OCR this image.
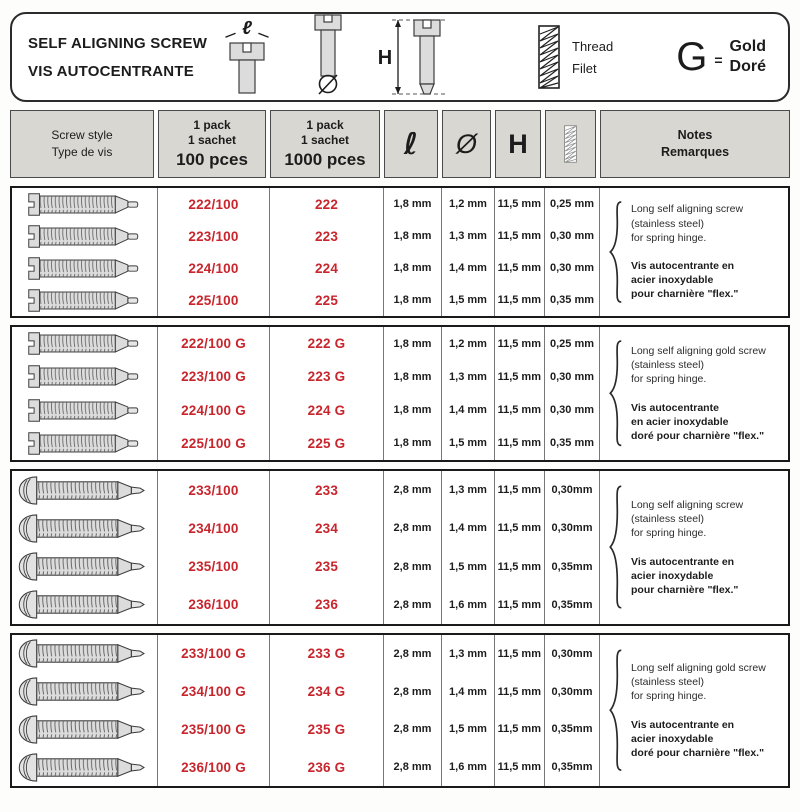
SELF ALIGNING SCREW
VIS AUTOCENTRANTE
ℓ
H
Thread
Filet	G =
Gold
Doré
Screw style
Type de vis
1 pack
1 sachet
100 pces
1 pack
1 sachet
1000 pces ℓ Ø H	Notes
Remarques
222/100
223/100
224/100
225/100
222
223
224
225
1,8 mm
1,8 mm
1,8 mm
1,8 mm
1,2 mm
1,3 mm
1,4 mm
1,5 mm
11,5 mm
11,5 mm
11,5 mm
11,5 mm
0,25 mm
0,30 mm
0,30 mm
0,35 mm
Long self aligning screw
(stainless steel)
for spring hinge.
Vis autocentrante en
acier inoxydable
pour charnière "flex."
222/100 G
223/100 G
224/100 G
225/100 G
222 G
223 G
224 G
225 G
1,8 mm
1,8 mm
1,8 mm
1,8 mm
1,2 mm
1,3 mm
1,4 mm
1,5 mm
11,5 mm
11,5 mm
11,5 mm
11,5 mm
0,25 mm
0,30 mm
0,30 mm
0,35 mm
Long self aligning gold screw
(stainless steel)
for spring hinge.
Vis autocentrante
en acier inoxydable
doré pour charnière "flex."
233/100
234/100
235/100
236/100
233
234
235
236
2,8 mm
2,8 mm
2,8 mm
2,8 mm
1,3 mm
1,4 mm
1,5 mm
1,6 mm
11,5 mm
11,5 mm
11,5 mm
11,5 mm
0,30mm
0,30mm
0,35mm
0,35mm
Long self aligning screw
(stainless steel)
for spring hinge.
Vis autocentrante en
acier inoxydable
pour charnière "flex."
233/100 G
234/100 G
235/100 G
236/100 G
233 G
234 G
235 G
236 G
2,8 mm
2,8 mm
2,8 mm
2,8 mm
1,3 mm
1,4 mm
1,5 mm
1,6 mm
11,5 mm
11,5 mm
11,5 mm
11,5 mm
0,30mm
0,30mm
0,35mm
0,35mm
Long self aligning gold screw
(stainless steel)
for spring hinge.
Vis autocentrante en
acier inoxydable
doré pour charnière "flex."
